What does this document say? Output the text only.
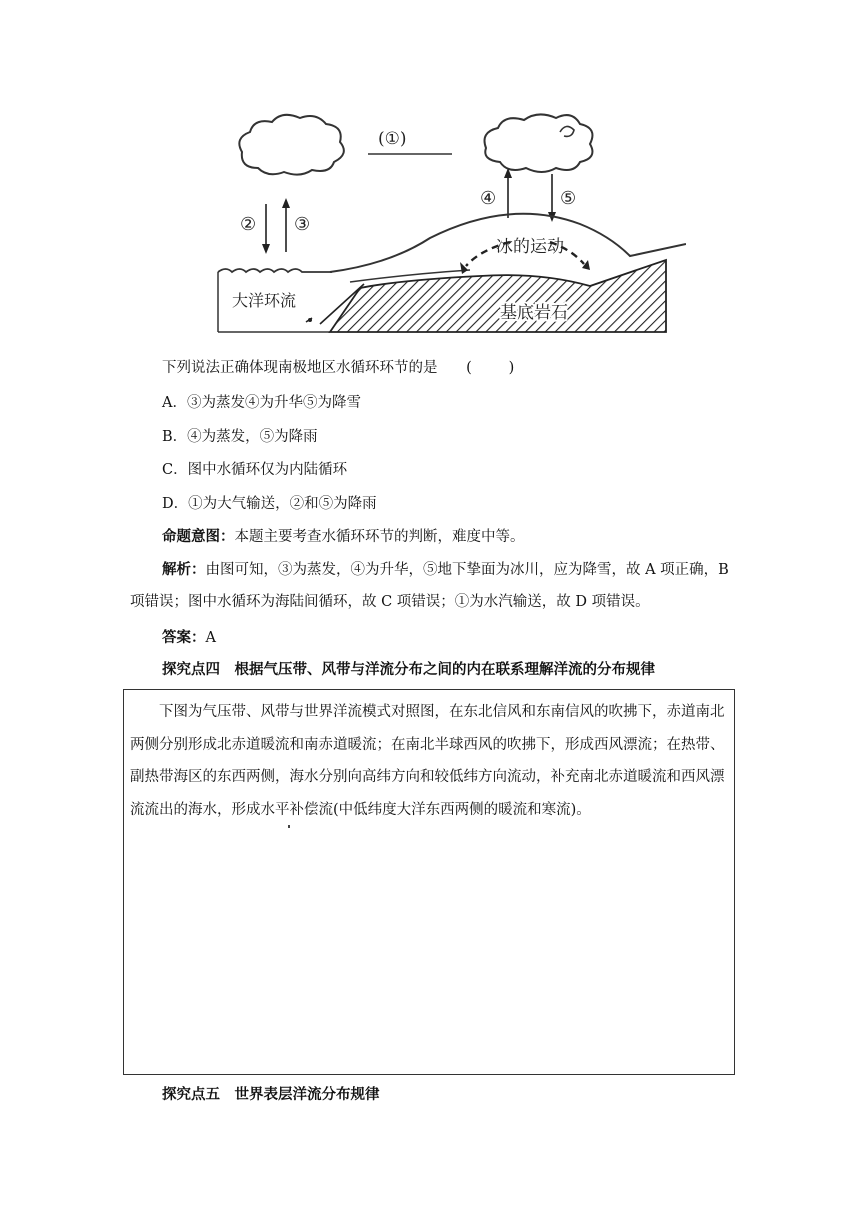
(①)
② ③
④	⑤
冰的运动
大洋环流
基底岩石
下列说法正确体现南极地区水循环环节的是 (        )
A．③为蒸发④为升华⑤为降雪
B．④为蒸发，⑤为降雨
C．图中水循环仅为内陆循环
D．①为大气输送，②和⑤为降雨
命题意图：本题主要考查水循环环节的判断，难度中等。
解析：由图可知，③为蒸发，④为升华，⑤地下挚面为冰川，应为降雪，故 A 项正确，B 项错误；图中水循环为海陆间循环，故 C 项错误；①为水汽输送，故 D 项错误。
答案：A
探究点四　根据气压带、风带与洋流分布之间的内在联系理解洋流的分布规律
下图为气压带、风带与世界洋流模式对照图，在东北信风和东南信风的吹拂下，赤道南北两侧分别形成北赤道暖流和南赤道暖流；在南北半球西风的吹拂下，形成西风漂流；在热带、副热带海区的东西两侧，海水分别向高纬方向和较低纬方向流动，补充南北赤道暖流和西风漂流流出的海水，形成水平补偿流(中低纬度大洋东西两侧的暖流和寒流)。
探究点五　世界表层洋流分布规律
